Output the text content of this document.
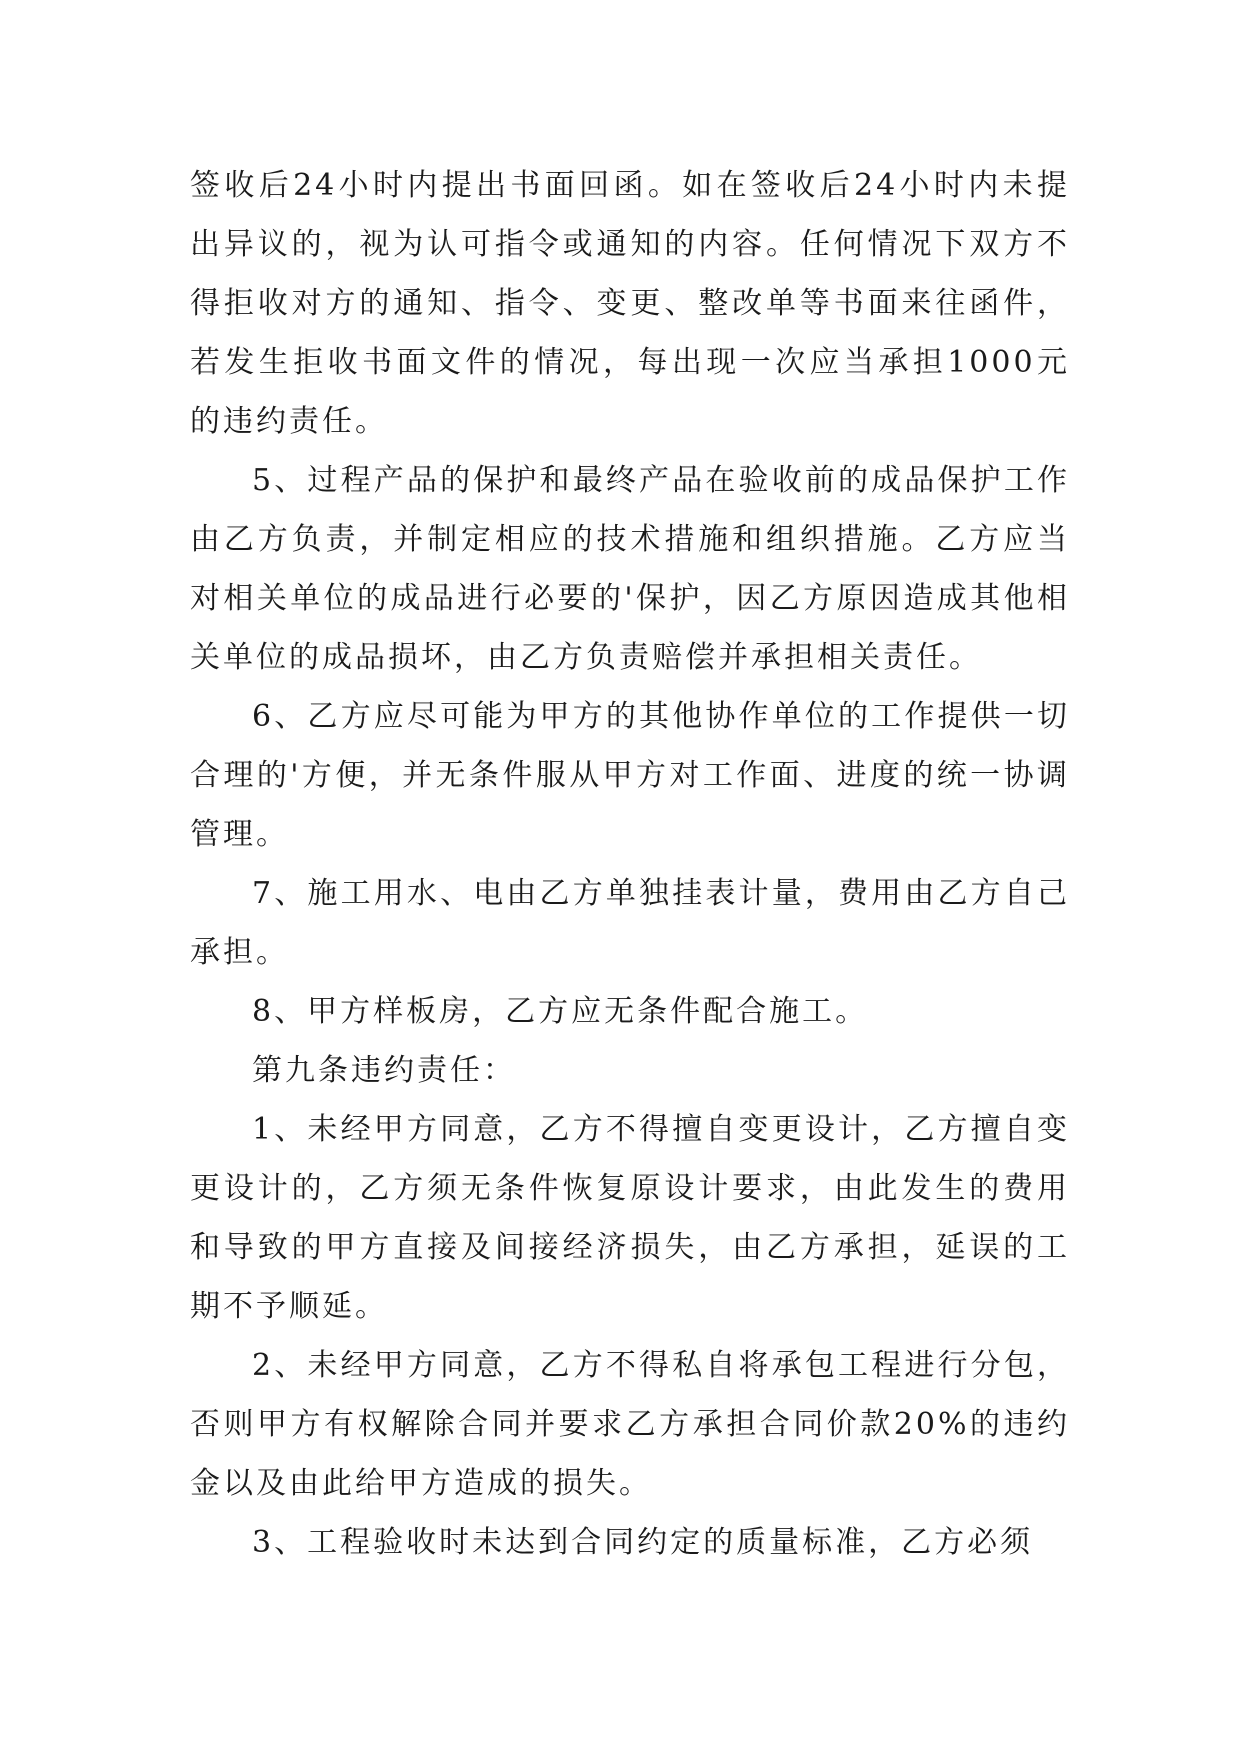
签收后24小时内提出书面回函。如在签收后24小时内未提出异议的，视为认可指令或通知的内容。任何情况下双方不得拒收对方的通知、指令、变更、整改单等书面来往函件，若发生拒收书面文件的情况，每出现一次应当承担1000元的违约责任。

5、过程产品的保护和最终产品在验收前的成品保护工作由乙方负责，并制定相应的技术措施和组织措施。乙方应当对相关单位的成品进行必要的'保护，因乙方原因造成其他相关单位的成品损坏，由乙方负责赔偿并承担相关责任。

6、乙方应尽可能为甲方的其他协作单位的工作提供一切合理的'方便，并无条件服从甲方对工作面、进度的统一协调管理。

7、施工用水、电由乙方单独挂表计量，费用由乙方自己承担。

8、甲方样板房，乙方应无条件配合施工。

第九条违约责任：

1、未经甲方同意，乙方不得擅自变更设计，乙方擅自变更设计的，乙方须无条件恢复原设计要求，由此发生的费用和导致的甲方直接及间接经济损失，由乙方承担，延误的工期不予顺延。

2、未经甲方同意，乙方不得私自将承包工程进行分包，否则甲方有权解除合同并要求乙方承担合同价款20%的违约金以及由此给甲方造成的损失。

3、工程验收时未达到合同约定的质量标准，乙方必须
